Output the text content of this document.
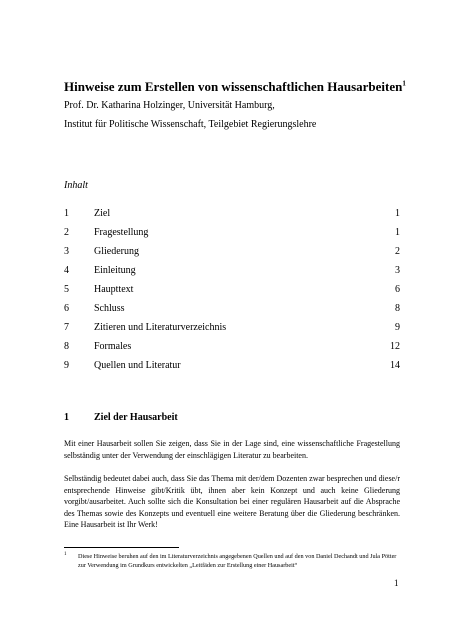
Hinweise zum Erstellen von wissenschaftlichen Hausarbeiten$^1$
Prof. Dr. Katharina Holzinger, Universität Hamburg,
Institut für Politische Wissenschaft, Teilgebiet Regierungslehre
Inhalt
1	Ziel	1
2	Fragestellung	1
3	Gliederung	2
4	Einleitung	3
5	Haupttext	6
6	Schluss	8
7	Zitieren und Literaturverzeichnis	9
8	Formales	12
9	Quellen und Literatur	14
1	Ziel der Hausarbeit

Mit einer Hausarbeit sollen Sie zeigen, dass Sie in der Lage sind, eine wissenschaftliche Fragestellung selbständig unter der Verwendung der einschlägigen Literatur zu bearbeiten.

Selbständig bedeutet dabei auch, dass Sie das Thema mit der/dem Dozenten zwar besprechen und diese/r entsprechende Hinweise gibt/Kritik übt, ihnen aber kein Konzept und auch keine Gliederung vorgibt/ausarbeitet. Auch sollte sich die Konsultation bei einer regulären Hausarbeit auf die Absprache des Themas sowie des Konzepts und eventuell eine weitere Beratung über die Gliederung beschränken. Eine Hausarbeit ist Ihr Werk!

1 Diese Hinweise beruhen auf den im Literaturverzeichnis angegebenen Quellen und auf den von Daniel Dechandt und Jula Pötter zur Verwendung im Grundkurs entwickelten „Leitfäden zur Erstellung einer Hausarbeit“
1
